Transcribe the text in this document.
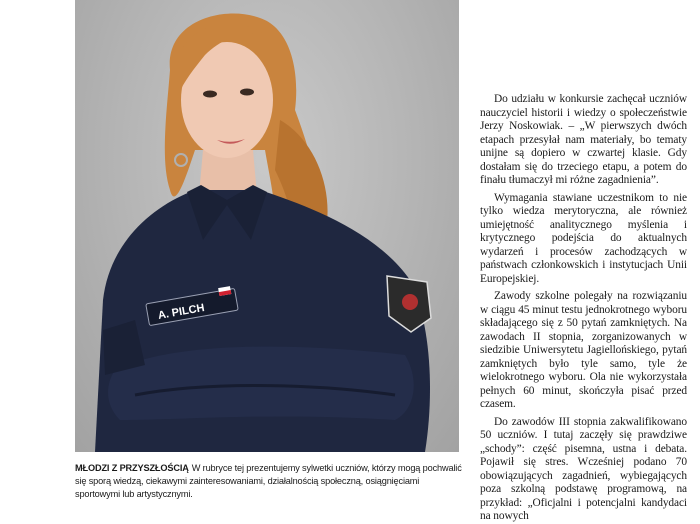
A. PILCH
MŁODZI Z PRZYSZŁOŚCIĄ W rubryce tej prezentujemy sylwetki uczniów, którzy mogą pochwalić się sporą wiedzą, ciekawymi zainteresowaniami, działalnością społeczną, osiągnięciami sportowymi lub artystycznymi.

Do udziału w konkursie zachęcał uczniów nauczyciel historii i wiedzy o społeczeństwie Jerzy Noskowiak. – „W pierwszych dwóch etapach przesyłał nam materiały, bo tematy unijne są dopiero w czwartej klasie. Gdy dostałam się do trzeciego etapu, a potem do finału tłumaczył mi różne zagadnienia”.

Wymagania stawiane uczestnikom to nie tylko wiedza merytoryczna, ale również umiejętność analitycznego myślenia i krytycznego podejścia do aktualnych wydarzeń i procesów zachodzących w państwach członkowskich i instytucjach Unii Europejskiej.

Zawody szkolne polegały na rozwiązaniu w ciągu 45 minut testu jednokrotnego wyboru składającego się z 50 pytań zamkniętych. Na zawodach II stopnia, zorganizowanych w siedzibie Uniwersytetu Jagiellońskiego, pytań zamkniętych było tyle samo, tyle że wielokrotnego wyboru. Ola nie wykorzystała pełnych 60 minut, skończyła pisać przed czasem.

Do zawodów III stopnia zakwalifikowano 50 uczniów. I tutaj zaczęły się prawdziwe „schody”: część pisemna, ustna i debata. Pojawił się stres. Wcześniej podano 70 obowiązujących zagadnień, wybiegających poza szkolną podstawę programową, na przykład: „Oficjalni i potencjalni kandydaci na nowych
